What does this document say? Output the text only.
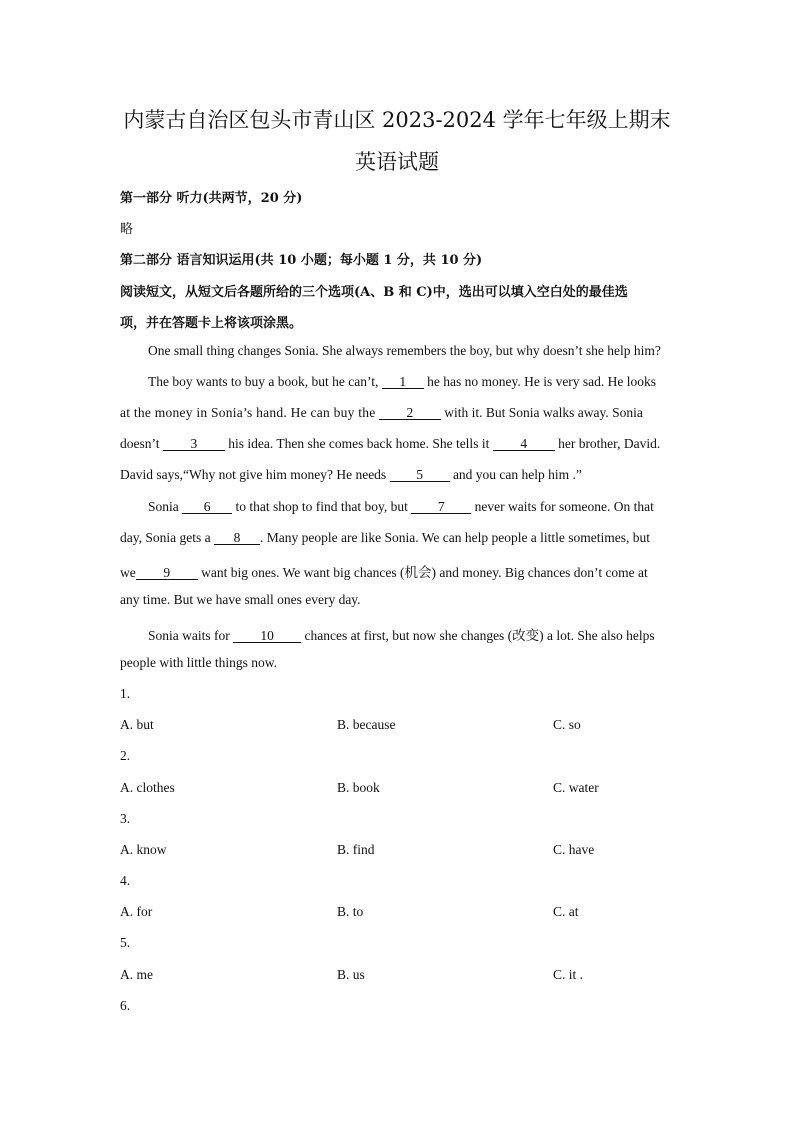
内蒙古自治区包头市青山区 2023-2024 学年七年级上期末
英语试题
第一部分 听力(共两节，20 分)
略
第二部分 语言知识运用(共 10 小题；每小题 1 分，共 10 分)
阅读短文，从短文后各题所给的三个选项(A、B 和 C)中，选出可以填入空白处的最佳选
项，并在答题卡上将该项涂黑。
One small thing changes Sonia. She always remembers the boy, but why doesn’t she help him?
The boy wants to buy a book, but he can’t, 1 he has no money. He is very sad. He looks
at the money in Sonia’s hand. He can buy the 2 with it. But Sonia walks away. Sonia
doesn’t 3 his idea. Then she comes back home. She tells it 4 her brother, David.
David says,“Why not give him money? He needs 5 and you can help him .”
Sonia 6 to that shop to find that boy, but 7 never waits for someone. On that
day, Sonia gets a 8 . Many people are like Sonia. We can help people a little sometimes, but
we 9 want big ones. We want big chances (机会) and money. Big chances don’t come at
any time. But we have small ones every day.
Sonia waits for 10 chances at first, but now she changes (改变) a lot. She also helps
people with little things now.
1.
A. but	B. because	C. so
2.
A. clothes	B. book	C. water
3.
A. know	B. find	C. have
4.
A. for	B. to	C. at
5.
A. me	B. us	C. it .
6.
